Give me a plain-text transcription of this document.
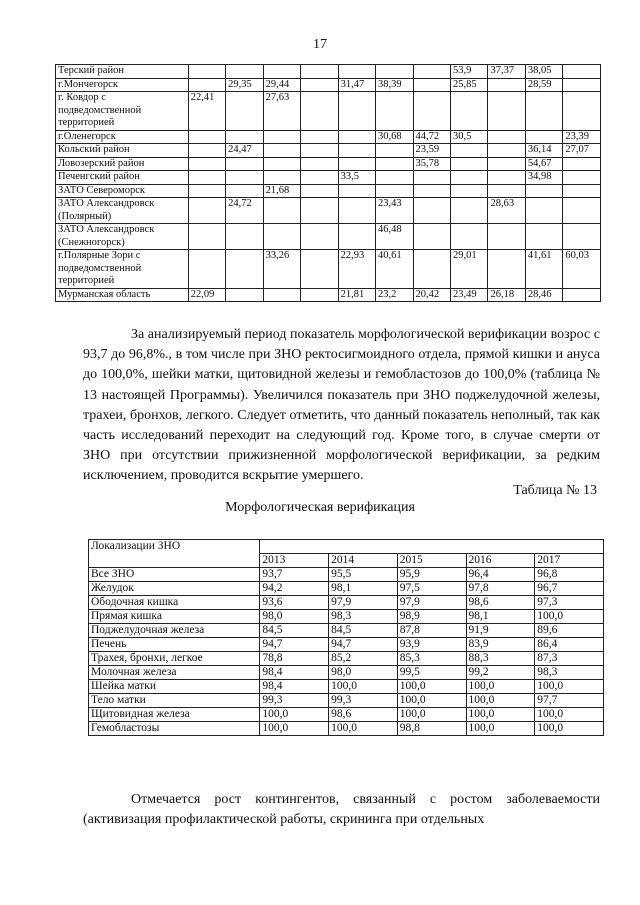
17
Терский район								53,9	37,37	38,05	
г.Мончегорск		29,35	29,44		31,47	38,39		25,85		28,59	
г. Ковдор с подведомственной территорией	22,41		27,63								
г.Оленегорск						30,68	44,72	30,5			23,39
Кольский район		24,47					23,59			36,14	27,07
Ловозерский район							35,78			54,67	
Печенгский район					33,5					34,98	
ЗАТО Североморск			21,68								
ЗАТО Александровск (Полярный)		24,72				23,43			28,63		
ЗАТО Александровск (Снежногорск)						46,48					
г.Полярные Зори с подведомственной территорией			33,26		22,93	40,61		29,01		41,61	60,03
Мурманская область	22,09				21,81	23,2	20,42	23,49	26,18	28,46	

За анализируемый период показатель морфологической верификации возрос с 93,7 до 96,8%., в том числе при ЗНО ректосигмоидного отдела, прямой кишки и ануса до 100,0%, шейки матки, щитовидной железы и гемобластозов до 100,0% (таблица № 13 настоящей Программы). Увеличился показатель при ЗНО поджелудочной железы, трахеи, бронхов, легкого. Следует отметить, что данный показатель неполный, так как часть исследований переходит на следующий год. Кроме того, в случае смерти от ЗНО при отсутствии прижизненной морфологической верификации, за редким исключением, проводится вскрытие умершего.

Таблица № 13
Морфологическая верификация
Локализации ЗНО					
	2013	2014	2015	2016	2017
Все ЗНО	93,7	95,5	95,9	96,4	96,8
Желудок	94,2	98,1	97,5	97,8	96,7
Ободочная кишка	93,6	97,9	97,9	98,6	97,3
Прямая кишка	98,0	98,3	98,9	98,1	100,0
Поджелудочная железа	84,5	84,5	87,8	91,9	89,6
Печень	94,7	94,7	93,9	83,9	86,4
Трахея, бронхи, легкое	78,8	85,2	85,3	88,3	87,3
Молочная железа	98,4	98,0	99,5	99,2	98,3
Шейка матки	98,4	100,0	100,0	100,0	100,0
Тело матки	99,3	99,3	100,0	100,0	97,7
Щитовидная железа	100,0	98,6	100,0	100,0	100,0
Гемобластозы	100,0	100,0	98,8	100,0	100,0

Отмечается рост контингентов, связанный с ростом заболеваемости (активизация профилактической работы, скрининга при отдельных
